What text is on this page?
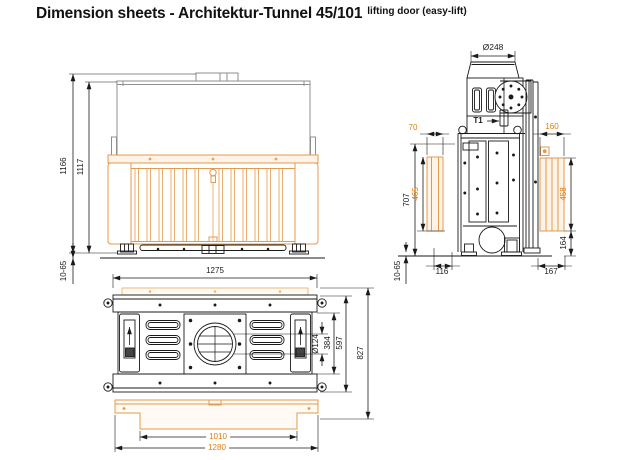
Dimension sheets - Architektur-Tunnel 45/101 lifting door (easy-lift)
1166 1117
10-65
Ø248
T1
70	160
707 465	458
164
116	167
10-65
1275
Ø124 384 597
827
1010
1280
